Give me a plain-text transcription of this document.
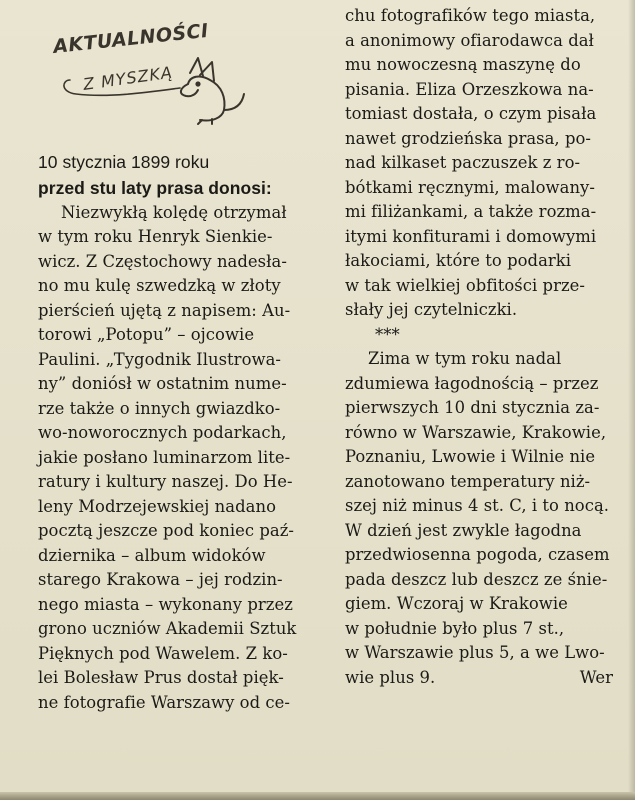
AKTUALNOŚCI
Z MYSZKĄ
10 stycznia 1899 roku
przed stu laty prasa donosi:
Niezwykłą kolędę otrzymał
w tym roku Henryk Sienkie-
wicz. Z Częstochowy nadesła-
no mu kulę szwedzką w złoty
pierścień ujętą z napisem: Au-
torowi „Potopu” – ojcowie
Paulini. „Tygodnik Ilustrowa-
ny” doniósł w ostatnim nume-
rze także o innych gwiazdko-
wo-noworocznych podarkach,
jakie posłano luminarzom lite-
ratury i kultury naszej. Do He-
leny Modrzejewskiej nadano
pocztą jeszcze pod koniec paź-
dziernika – album widoków
starego Krakowa – jej rodzin-
nego miasta – wykonany przez
grono uczniów Akademii Sztuk
Pięknych pod Wawelem. Z ko-
lei Bolesław Prus dostał pięk-
ne fotografie Warszawy od ce-
chu fotografików tego miasta,
a anonimowy ofiarodawca dał
mu nowoczesną maszynę do
pisania. Eliza Orzeszkowa na-
tomiast dostała, o czym pisała
nawet grodzieńska prasa, po-
nad kilkaset paczuszek z ro-
bótkami ręcznymi, malowany-
mi filiżankami, a także rozma-
itymi konfiturami i domowymi
łakociami, które to podarki
w tak wielkiej obfitości prze-
słały jej czytelniczki.
***
Zima w tym roku nadal
zdumiewa łagodnością – przez
pierwszych 10 dni stycznia za-
równo w Warszawie, Krakowie,
Poznaniu, Lwowie i Wilnie nie
zanotowano temperatury niż-
szej niż minus 4 st. C, i to nocą.
W dzień jest zwykle łagodna
przedwiosenna pogoda, czasem
pada deszcz lub deszcz ze śnie-
giem. Wczoraj w Krakowie
w południe było plus 7 st.,
w Warszawie plus 5, a we Lwo-
wie plus 9.	Wer
